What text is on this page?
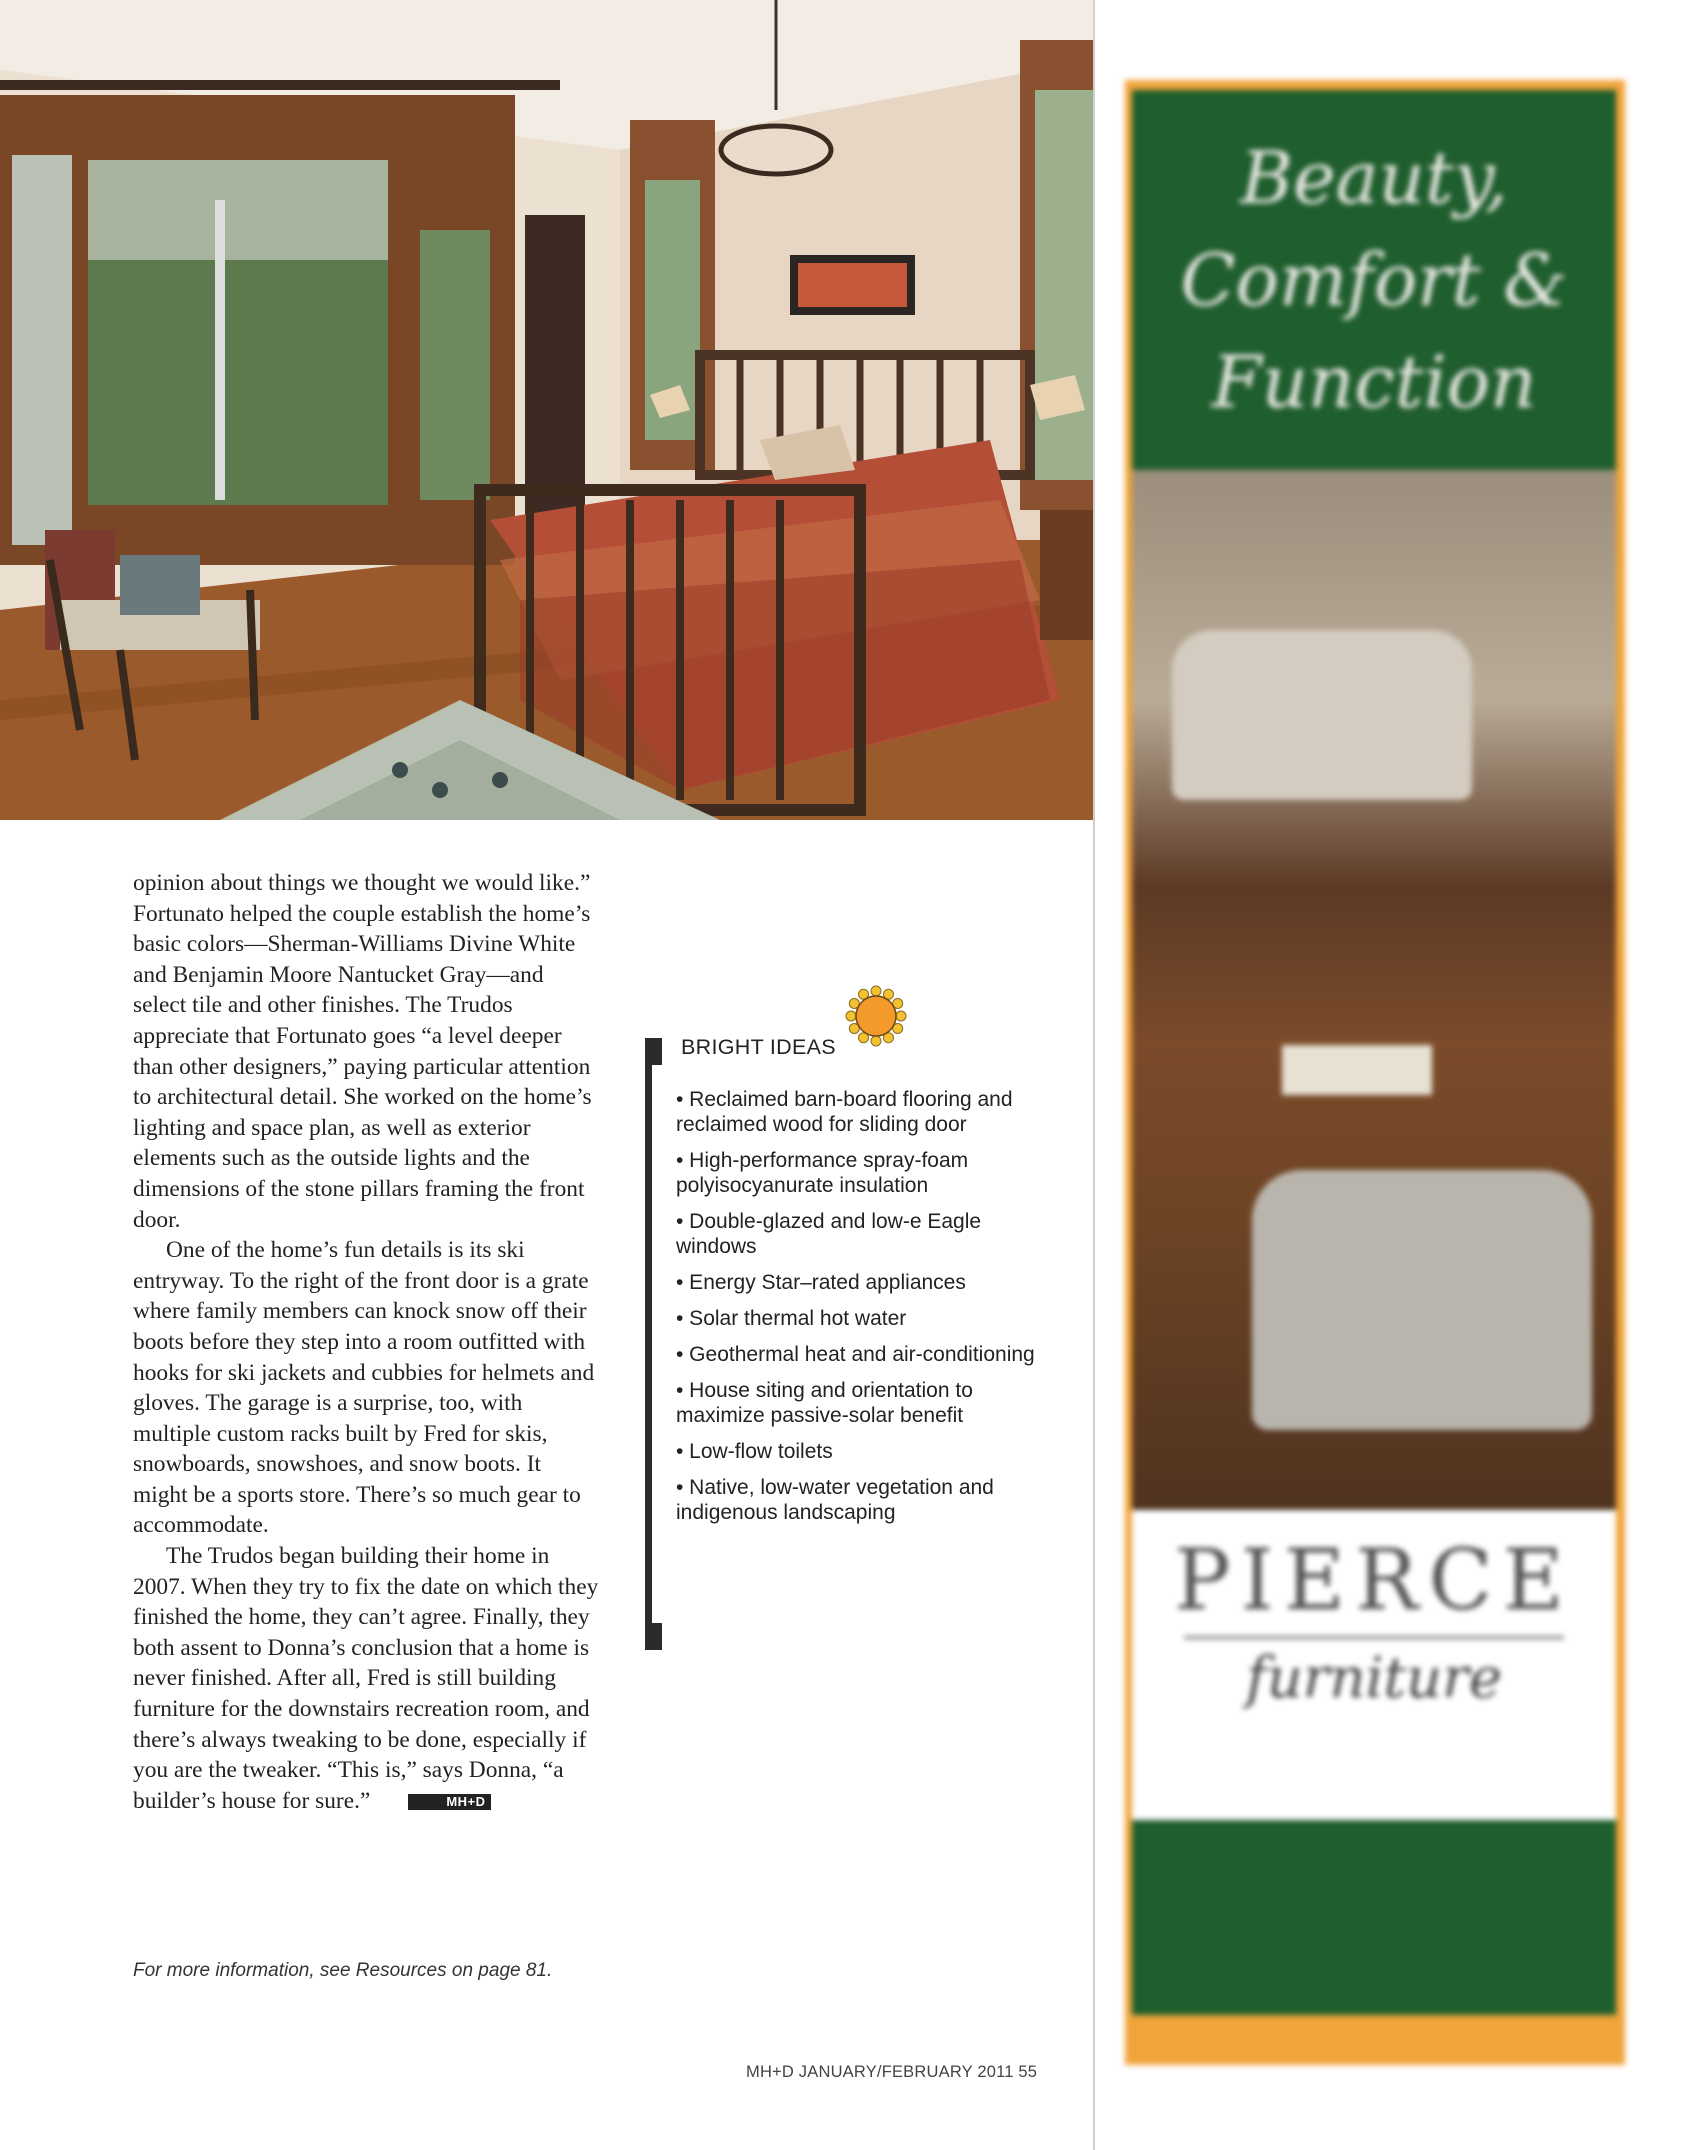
opinion about things we thought we would like.” Fortunato helped the couple establish the home’s basic colors—Sherman-Williams Divine White and Benjamin Moore Nantucket Gray—and select tile and other finishes. The Trudos appreciate that Fortunato goes “a level deeper than other designers,” paying particular attention to architectural detail. She worked on the home’s lighting and space plan, as well as exterior elements such as the outside lights and the dimensions of the stone pillars framing the front door.

One of the home’s fun details is its ski entryway. To the right of the front door is a grate where family members can knock snow off their boots before they step into a room outfitted with hooks for ski jackets and cubbies for helmets and gloves. The garage is a surprise, too, with multiple custom racks built by Fred for skis, snowboards, snowshoes, and snow boots. It might be a sports store. There’s so much gear to accommodate.

The Trudos began building their home in 2007. When they try to fix the date on which they finished the home, they can’t agree. Finally, they both assent to Donna’s conclusion that a home is never finished. After all, Fred is still building furniture for the downstairs recreation room, and there’s always tweaking to be done, especially if you are the tweaker. “This is,” says Donna, “a builder’s house for sure.”	MH+D

For more information, see Resources on page 81.
BRIGHT IDEAS
• Reclaimed barn-board flooring and reclaimed wood for sliding door
• High-performance spray-foam polyisocyanurate insulation
• Double-glazed and low-e Eagle windows
• Energy Star–rated appliances
• Solar thermal hot water
• Geothermal heat and air-conditioning
• House siting and orientation to maximize passive-solar benefit
• Low-flow toilets
• Native, low-water vegetation and indigenous landscaping
MH+D JANUARY/FEBRUARY 2011 55

Beauty,
Comfort &
Function

PIERCE
furniture
